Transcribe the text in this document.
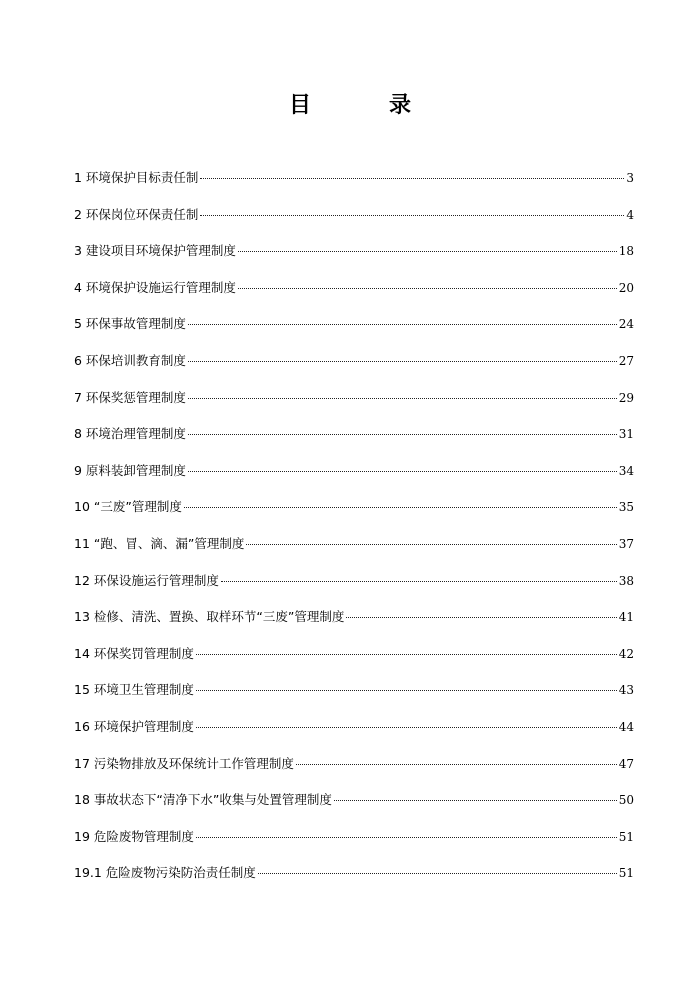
目　录
1 环境保护目标责任制	3
2 环保岗位环保责任制	4
3 建设项目环境保护管理制度	18
4 环境保护设施运行管理制度	20
5 环保事故管理制度	24
6 环保培训教育制度	27
7 环保奖惩管理制度	29
8 环境治理管理制度	31
9 原料装卸管理制度	34
10 “三废”管理制度	35
11 “跑、冒、滴、漏”管理制度	37
12 环保设施运行管理制度	38
13 检修、清洗、置换、取样环节“三废”管理制度	41
14 环保奖罚管理制度	42
15 环境卫生管理制度	43
16 环境保护管理制度	44
17 污染物排放及环保统计工作管理制度	47
18 事故状态下“清净下水”收集与处置管理制度	50
19 危险废物管理制度	51
19.1 危险废物污染防治责任制度	51
